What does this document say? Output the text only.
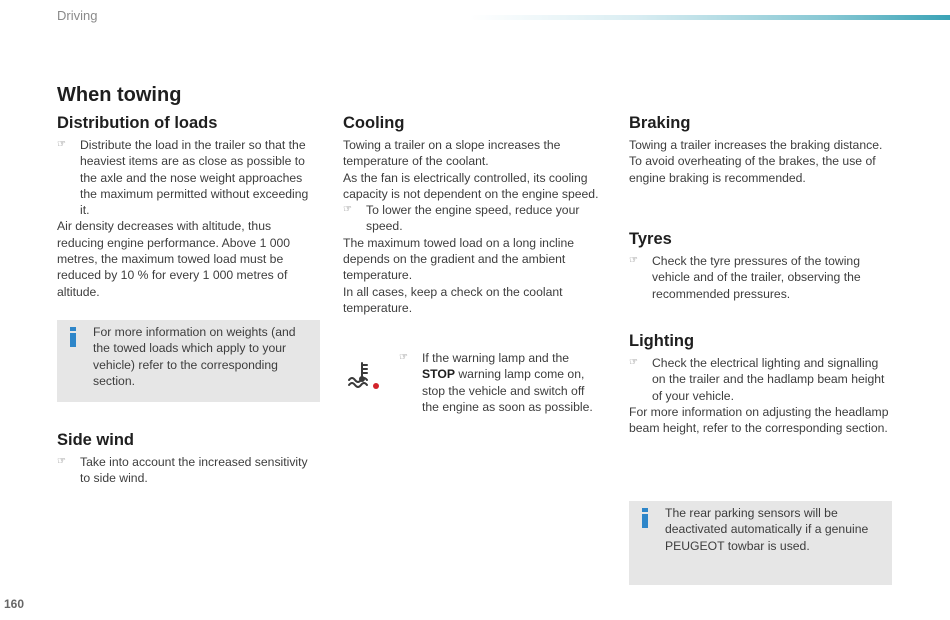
Driving
When towing
Distribution of loads
☞ Distribute the load in the trailer so that the heaviest items are as close as possible to the axle and the nose weight approaches the maximum permitted without exceeding it.

Air density decreases with altitude, thus reducing engine performance. Above 1 000 metres, the maximum towed load must be reduced by 10 % for every 1 000 metres of altitude.

For more information on weights (and the towed loads which apply to your vehicle) refer to the corresponding section.

Side wind
☞ Take into account the increased sensitivity to side wind.
Cooling

Towing a trailer on a slope increases the temperature of the coolant.

As the fan is electrically controlled, its cooling capacity is not dependent on the engine speed.

☞ To lower the engine speed, reduce your speed.

The maximum towed load on a long incline depends on the gradient and the ambient temperature.

In all cases, keep a check on the coolant temperature.

☞ If the warning lamp and the STOP warning lamp come on, stop the vehicle and switch off the engine as soon as possible.
Braking

Towing a trailer increases the braking distance. To avoid overheating of the brakes, the use of engine braking is recommended.

Tyres
☞ Check the tyre pressures of the towing vehicle and of the trailer, observing the recommended pressures.
Lighting
☞ Check the electrical lighting and signalling on the trailer and the hadlamp beam height of your vehicle.

For more information on adjusting the headlamp beam height, refer to the corresponding section.

The rear parking sensors will be deactivated automatically if a genuine PEUGEOT towbar is used.

160
